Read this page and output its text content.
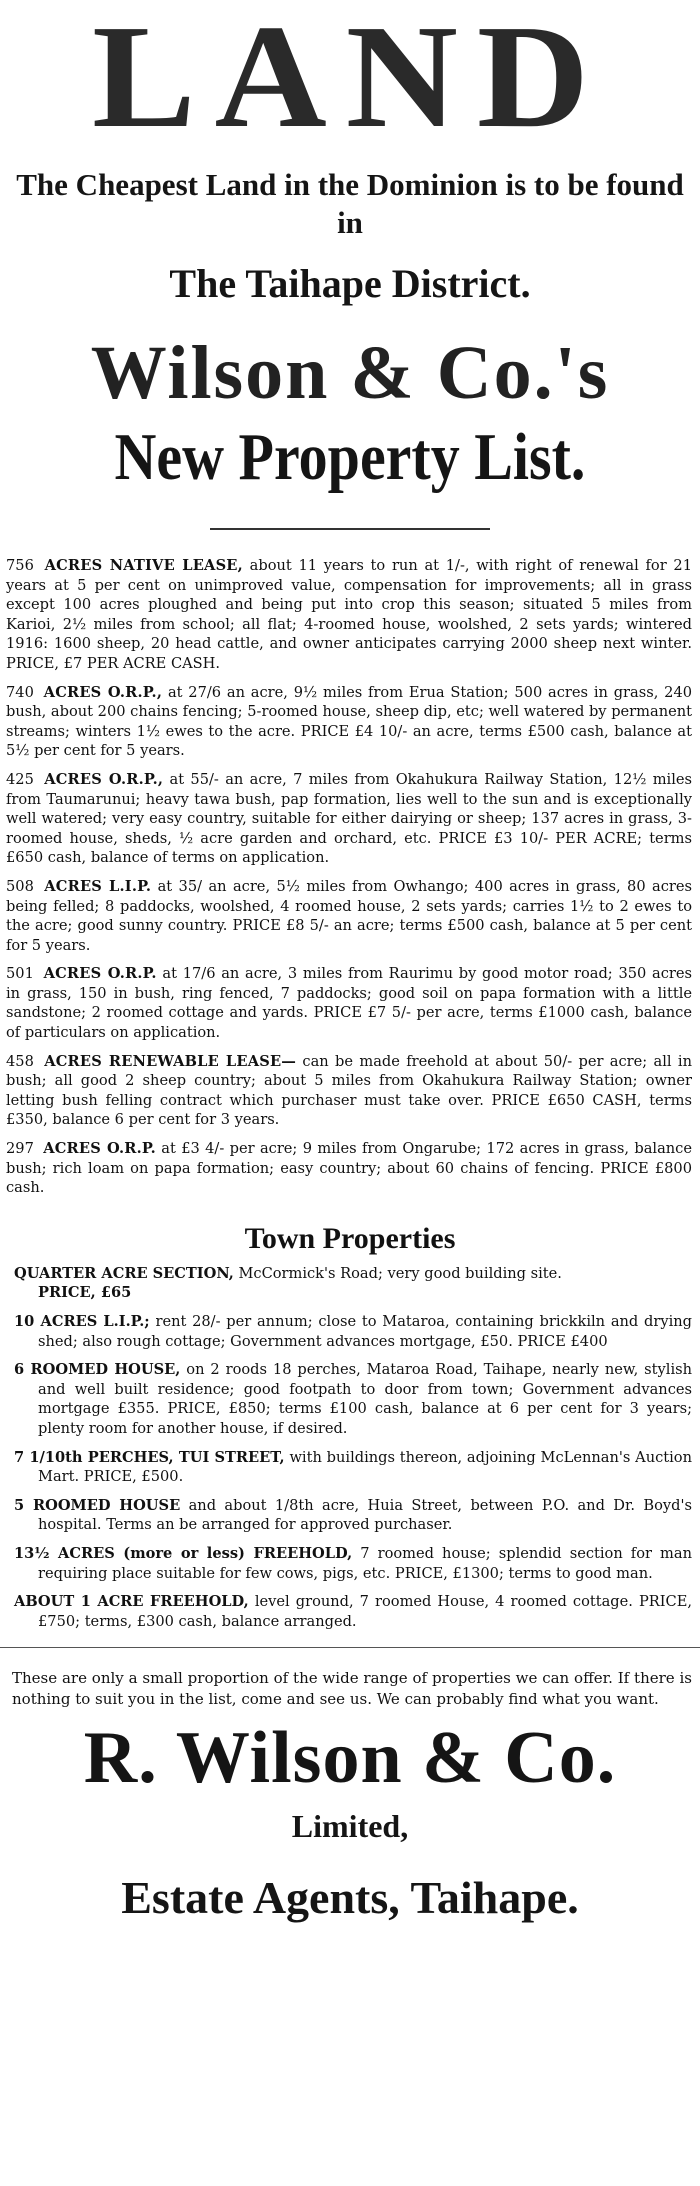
LAND
The Cheapest Land in the Dominion is to be found in
The Taihape District.
Wilson & Co.'s
New Property List.

756 ACRES NATIVE LEASE, about 11 years to run at 1/-, with right of renewal for 21 years at 5 per cent on unimproved value, compensation for improvements; all in grass except 100 acres ploughed and being put into crop this season; situated 5 miles from Karioi, 2½ miles from school; all flat; 4-roomed house, woolshed, 2 sets yards; wintered 1916: 1600 sheep, 20 head cattle, and owner anticipates carrying 2000 sheep next winter. PRICE, £7 PER ACRE CASH.

740 ACRES O.R.P., at 27/6 an acre, 9½ miles from Erua Station; 500 acres in grass, 240 bush, about 200 chains fencing; 5-roomed house, sheep dip, etc; well watered by permanent streams; winters 1½ ewes to the acre. PRICE £4 10/- an acre, terms £500 cash, balance at 5½ per cent for 5 years.

425 ACRES O.R.P., at 55/- an acre, 7 miles from Okahukura Railway Station, 12½ miles from Taumarunui; heavy tawa bush, pap formation, lies well to the sun and is exceptionally well watered; very easy country, suitable for either dairying or sheep; 137 acres in grass, 3- roomed house, sheds, ½ acre garden and orchard, etc. PRICE £3 10/- PER ACRE; terms £650 cash, balance of terms on application.

508 ACRES L.I.P. at 35/ an acre, 5½ miles from Owhango; 400 acres in grass, 80 acres being felled; 8 paddocks, woolshed, 4 roomed house, 2 sets yards; carries 1½ to 2 ewes to the acre; good sunny country. PRICE £8 5/- an acre; terms £500 cash, balance at 5 per cent for 5 years.

501 ACRES O.R.P. at 17/6 an acre, 3 miles from Raurimu by good motor road; 350 acres in grass, 150 in bush, ring fenced, 7 paddocks; good soil on papa formation with a little sandstone; 2 roomed cottage and yards. PRICE £7 5/- per acre, terms £1000 cash, balance of particulars on application.

458 ACRES RENEWABLE LEASE— can be made freehold at about 50/- per acre; all in bush; all good 2 sheep country; about 5 miles from Okahukura Railway Station; owner letting bush felling contract which purchaser must take over. PRICE £650 CASH, terms £350, balance 6 per cent for 3 years.

297 ACRES O.R.P. at £3 4/- per acre; 9 miles from Ongarube; 172 acres in grass, balance bush; rich loam on papa formation; easy country; about 60 chains of fencing. PRICE £800 cash.

Town Properties

QUARTER ACRE SECTION, McCormick's Road; very good building site.
PRICE, £65

10 ACRES L.I.P.; rent 28/- per annum; close to Mataroa, containing brickkiln and drying shed; also rough cottage; Government advances mortgage, £50. PRICE £400

6 ROOMED HOUSE, on 2 roods 18 perches, Mataroa Road, Taihape, nearly new, stylish and well built residence; good footpath to door from town; Government advances mortgage £355. PRICE, £850; terms £100 cash, balance at 6 per cent for 3 years; plenty room for another house, if desired.

7 1/10th PERCHES, TUI STREET, with buildings thereon, adjoining McLennan's Auction Mart. PRICE, £500.

5 ROOMED HOUSE and about 1/8th acre, Huia Street, between P.O. and Dr. Boyd's hospital. Terms an be arranged for approved purchaser.

13½ ACRES (more or less) FREEHOLD, 7 roomed house; splendid section for man requiring place suitable for few cows, pigs, etc. PRICE, £1300; terms to good man.

ABOUT 1 ACRE FREEHOLD, level ground, 7 roomed House, 4 roomed cottage. PRICE, £750; terms, £300 cash, balance arranged.

These are only a small proportion of the wide range of properties we can offer. If there is nothing to suit you in the list, come and see us. We can probably find what you want.

R. Wilson & Co.
Limited,
Estate Agents, Taihape.
